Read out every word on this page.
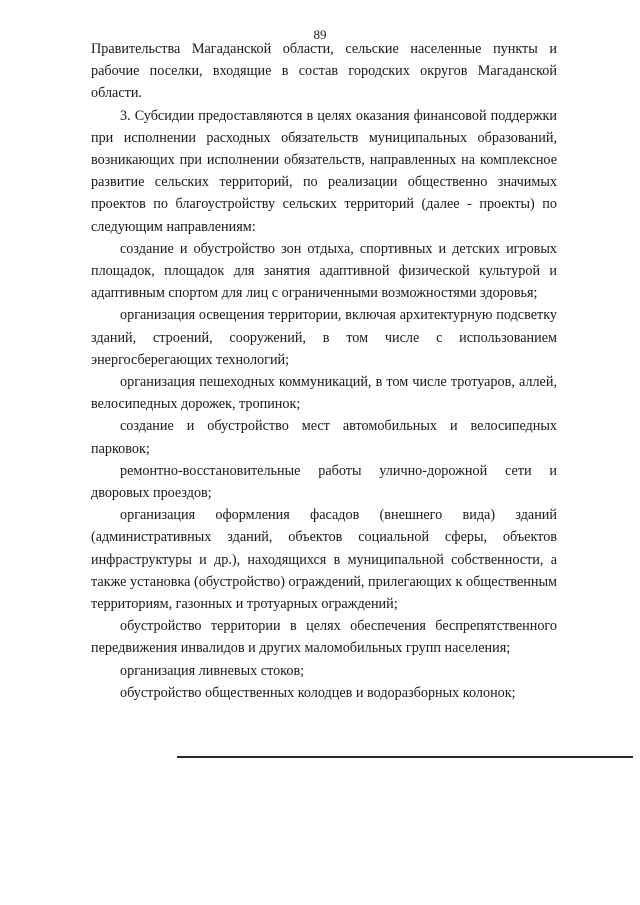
89

Правительства Магаданской области, сельские населенные пункты и рабочие поселки, входящие в состав городских округов Магаданской области.

3. Субсидии предоставляются в целях оказания финансовой поддержки при исполнении расходных обязательств муниципальных образований, возникающих при исполнении обязательств, направленных на комплексное развитие сельских территорий, по реализации общественно значимых проектов по благоустройству сельских территорий (далее - проекты) по следующим направлениям:

создание и обустройство зон отдыха, спортивных и детских игровых площадок, площадок для занятия адаптивной физической культурой и адаптивным спортом для лиц с ограниченными возможностями здоровья;

организация освещения территории, включая архитектурную подсветку зданий, строений, сооружений, в том числе с использованием энергосберегающих технологий;

организация пешеходных коммуникаций, в том числе тротуаров, аллей, велосипедных дорожек, тропинок;

создание и обустройство мест автомобильных и велосипедных парковок;

ремонтно-восстановительные работы улично-дорожной сети и дворовых проездов;

организация оформления фасадов (внешнего вида) зданий (административных зданий, объектов социальной сферы, объектов инфраструктуры и др.), находящихся в муниципальной собственности, а также установка (обустройство) ограждений, прилегающих к общественным территориям, газонных и тротуарных ограждений;

обустройство территории в целях обеспечения беспрепятственного передвижения инвалидов и других маломобильных групп населения;

организация ливневых стоков;

обустройство общественных колодцев и водоразборных колонок;
